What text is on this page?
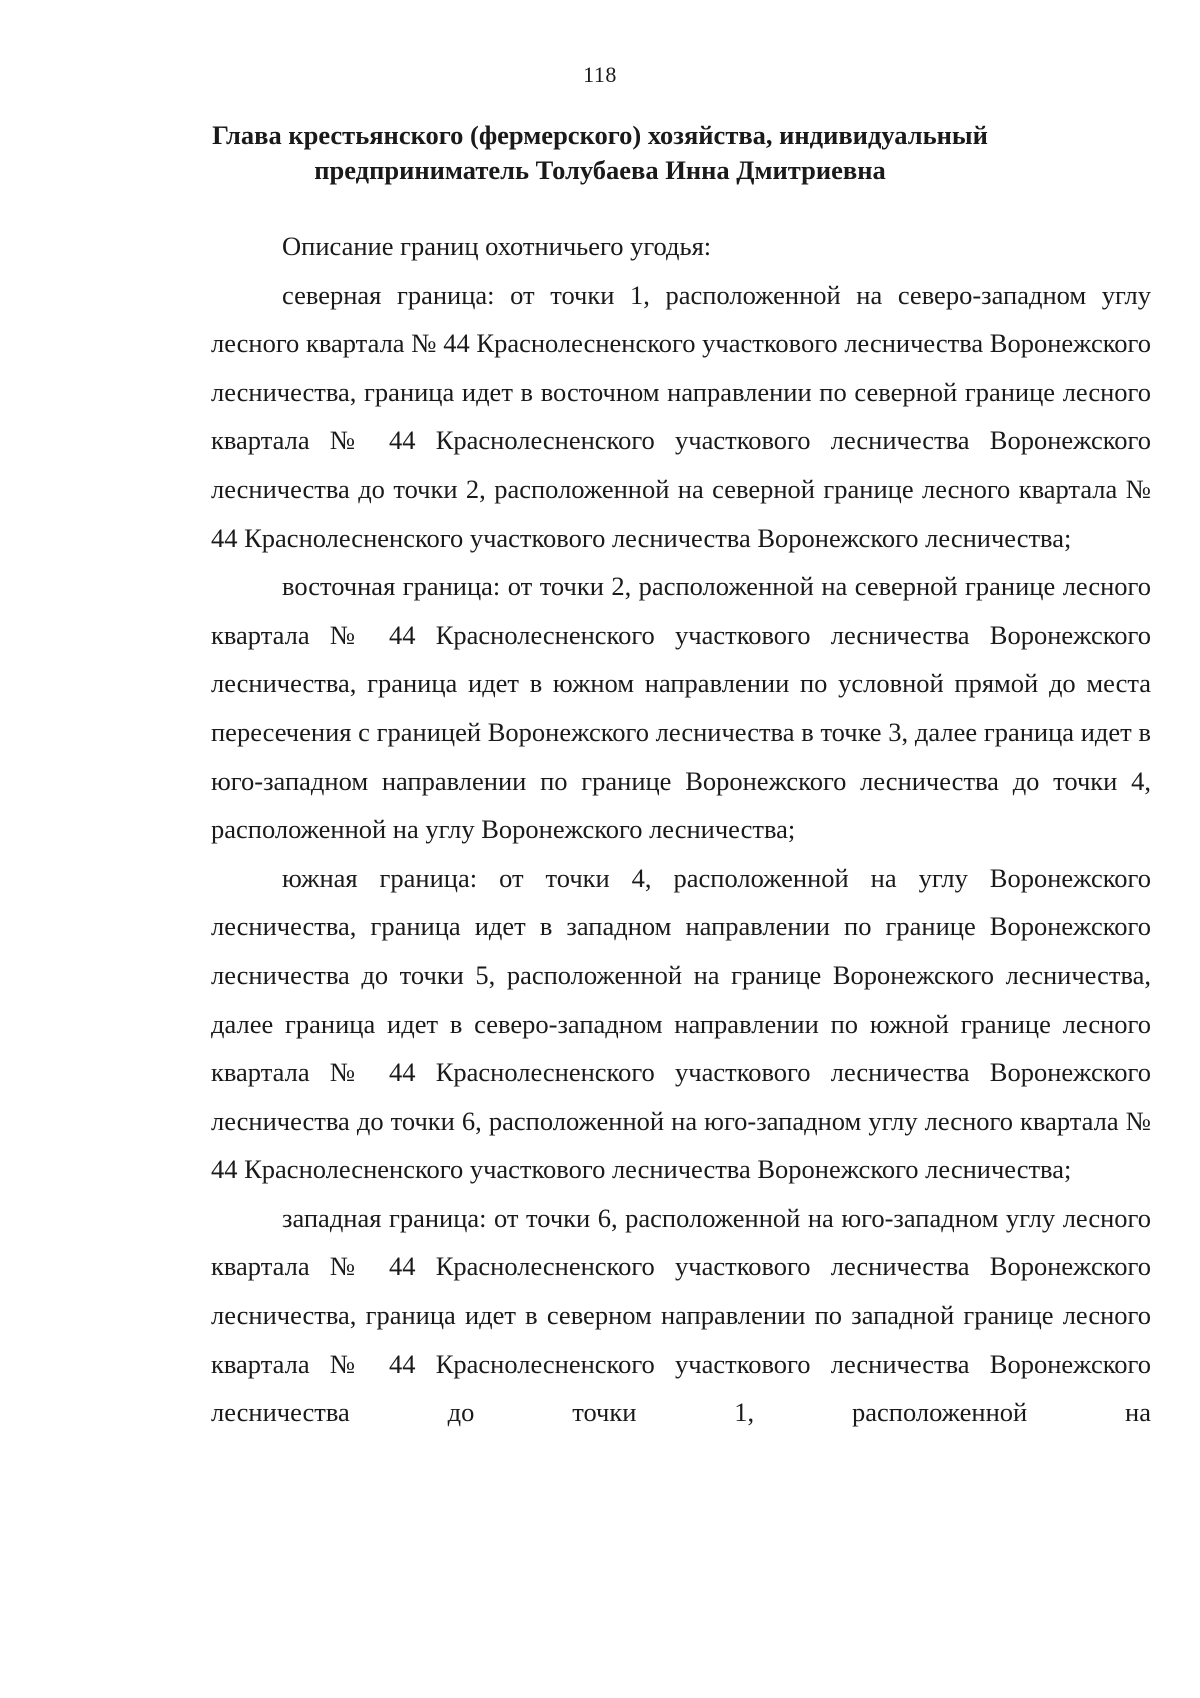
118
Глава крестьянского (фермерского) хозяйства, индивидуальный
предприниматель Толубаева Инна Дмитриевна

Описание границ охотничьего угодья:

северная граница: от точки 1, расположенной на северо-западном углу лесного квартала № 44 Краснолесненского участкового лесничества Воронежского лесничества, граница идет в восточном направлении по северной границе лесного квартала № 44 Краснолесненского участкового лесничества Воронежского лесничества до точки 2, расположенной на северной границе лесного квартала № 44 Краснолесненского участкового лесничества Воронежского лесничества;

восточная граница: от точки 2, расположенной на северной границе лесного квартала № 44 Краснолесненского участкового лесничества Воронежского лесничества, граница идет в южном направлении по условной прямой до места пересечения с границей Воронежского лесничества в точке 3, далее граница идет в юго-западном направлении по границе Воронежского лесничества до точки 4, расположенной на углу Воронежского лесничества;

южная граница: от точки 4, расположенной на углу Воронежского лесничества, граница идет в западном направлении по границе Воронежского лесничества до точки 5, расположенной на границе Воронежского лесничества, далее граница идет в северо-западном направлении по южной границе лесного квартала № 44 Краснолесненского участкового лесничества Воронежского лесничества до точки 6, расположенной на юго-западном углу лесного квартала № 44 Краснолесненского участкового лесничества Воронежского лесничества;

западная граница: от точки 6, расположенной на юго-западном углу лесного квартала № 44 Краснолесненского участкового лесничества Воронежского лесничества, граница идет в северном направлении по западной границе лесного квартала № 44 Краснолесненского участкового лесничества Воронежского лесничества до точки 1, расположенной на
